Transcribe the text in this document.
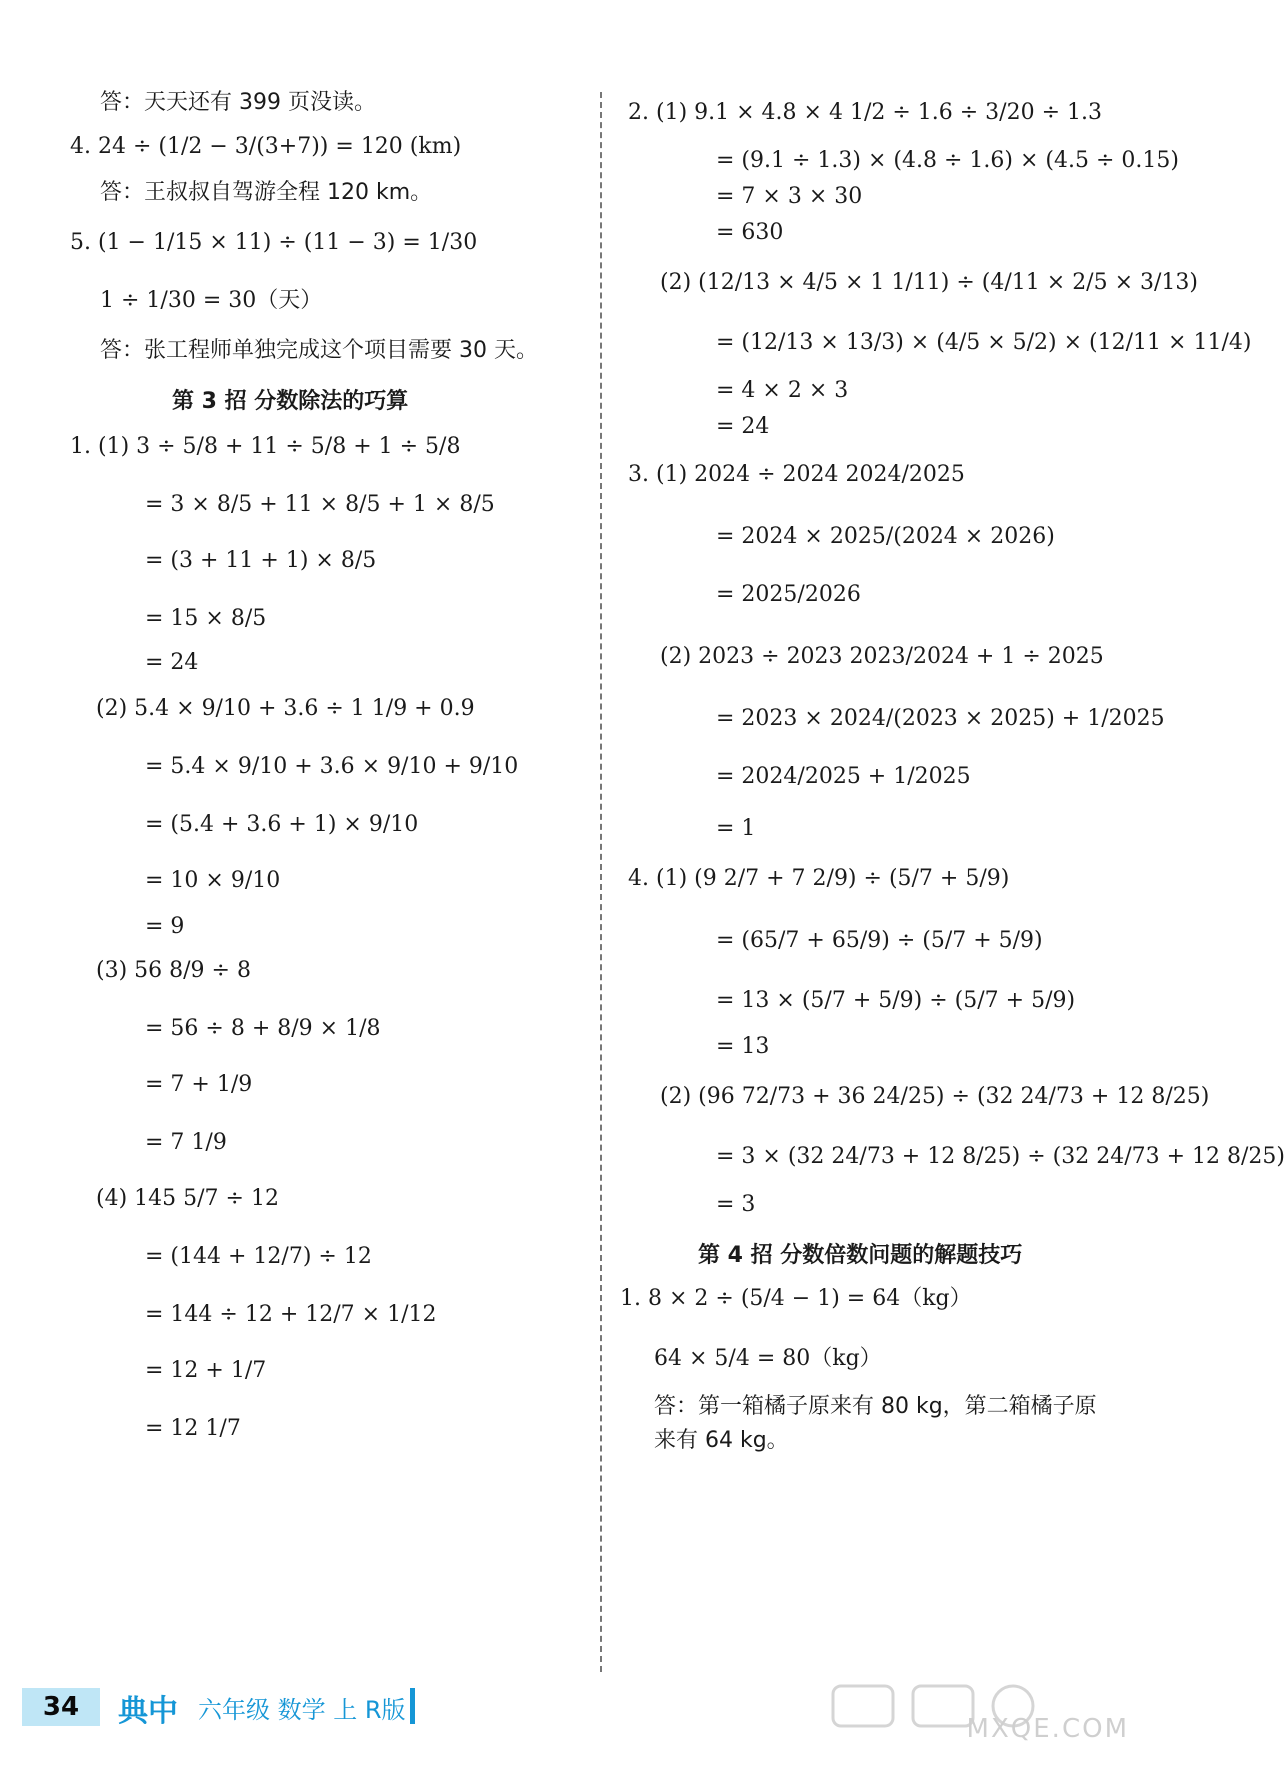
答：天天还有 399 页没读。
4. 24 ÷ (1/2 − 3/(3+7)) = 120 (km)
答：王叔叔自驾游全程 120 km。
5. (1 − 1/15 × 11) ÷ (11 − 3) = 1/30
1 ÷ 1/30 = 30（天）
答：张工程师单独完成这个项目需要 30 天。
第 3 招 分数除法的巧算
1. (1) 3 ÷ 5/8 + 11 ÷ 5/8 + 1 ÷ 5/8
= 3 × 8/5 + 11 × 8/5 + 1 × 8/5
= (3 + 11 + 1) × 8/5
= 15 × 8/5
= 24
(2) 5.4 × 9/10 + 3.6 ÷ 1 1/9 + 0.9
= 5.4 × 9/10 + 3.6 × 9/10 + 9/10
= (5.4 + 3.6 + 1) × 9/10
= 10 × 9/10
= 9
(3) 56 8/9 ÷ 8
= 56 ÷ 8 + 8/9 × 1/8
= 7 + 1/9
= 7 1/9
(4) 145 5/7 ÷ 12
= (144 + 12/7) ÷ 12
= 144 ÷ 12 + 12/7 × 1/12
= 12 + 1/7
= 12 1/7
2. (1) 9.1 × 4.8 × 4 1/2 ÷ 1.6 ÷ 3/20 ÷ 1.3
= (9.1 ÷ 1.3) × (4.8 ÷ 1.6) × (4.5 ÷ 0.15)
= 7 × 3 × 30
= 630
(2) (12/13 × 4/5 × 1 1/11) ÷ (4/11 × 2/5 × 3/13)
= (12/13 × 13/3) × (4/5 × 5/2) × (12/11 × 11/4)
= 4 × 2 × 3
= 24
3. (1) 2024 ÷ 2024 2024/2025
= 2024 × 2025/(2024 × 2026)
= 2025/2026
(2) 2023 ÷ 2023 2023/2024 + 1 ÷ 2025
= 2023 × 2024/(2023 × 2025) + 1/2025
= 2024/2025 + 1/2025
= 1
4. (1) (9 2/7 + 7 2/9) ÷ (5/7 + 5/9)
= (65/7 + 65/9) ÷ (5/7 + 5/9)
= 13 × (5/7 + 5/9) ÷ (5/7 + 5/9)
= 13
(2) (96 72/73 + 36 24/25) ÷ (32 24/73 + 12 8/25)
= 3 × (32 24/73 + 12 8/25) ÷ (32 24/73 + 12 8/25)
= 3
第 4 招 分数倍数问题的解题技巧
1. 8 × 2 ÷ (5/4 − 1) = 64（kg）
64 × 5/4 = 80（kg）
答：第一箱橘子原来有 80 kg，第二箱橘子原
来有 64 kg。
34	典中 六年级 数学 上 R版
MXQE.COM
